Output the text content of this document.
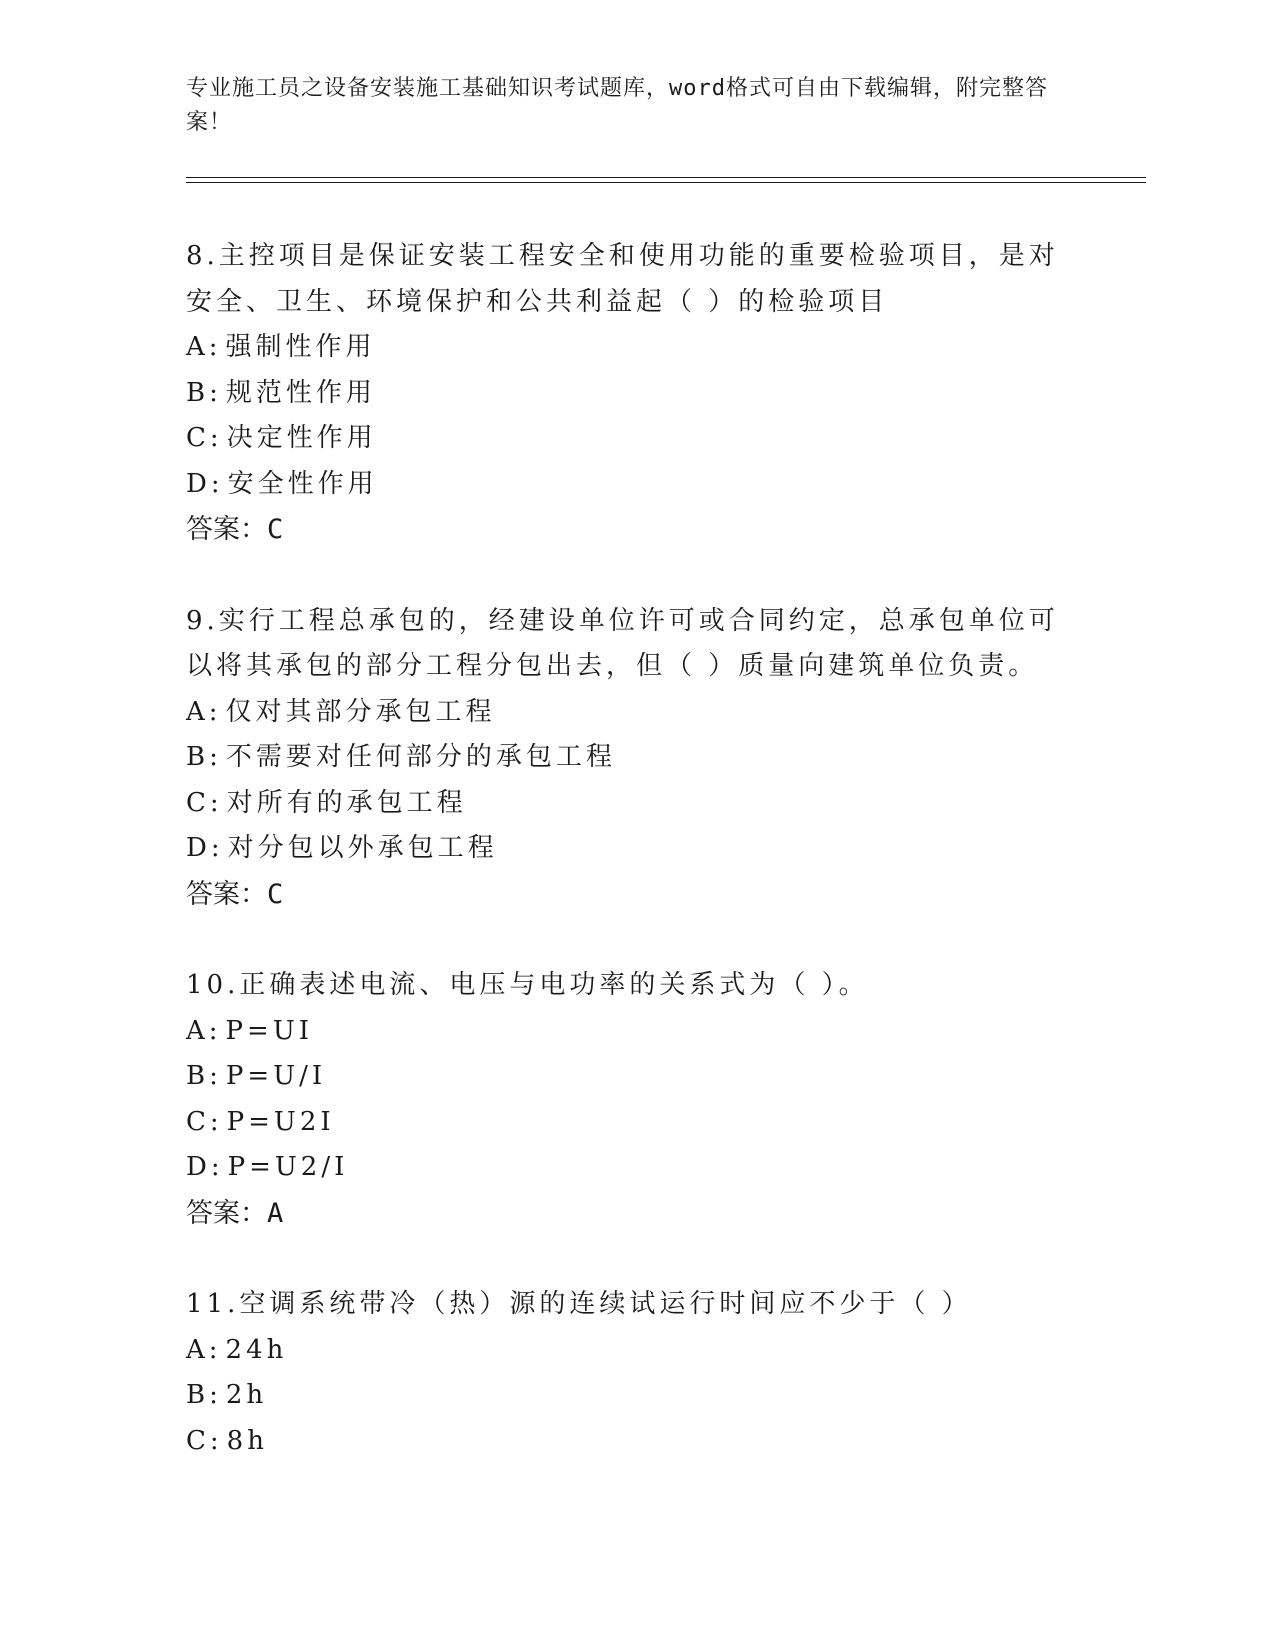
专业施工员之设备安装施工基础知识考试题库，word格式可自由下载编辑，附完整答案！
8.主控项目是保证安装工程安全和使用功能的重要检验项目，是对安全、卫生、环境保护和公共利益起（ ）的检验项目
A: 强制性作用
B: 规范性作用
C: 决定性作用
D: 安全性作用
答案：C
9.实行工程总承包的，经建设单位许可或合同约定，总承包单位可以将其承包的部分工程分包出去，但（ ）质量向建筑单位负责。
A: 仅对其部分承包工程
B: 不需要对任何部分的承包工程
C: 对所有的承包工程
D: 对分包以外承包工程
答案：C
10.正确表述电流、电压与电功率的关系式为（ ）。
A: P=UI
B: P=U/I
C: P=U2I
D: P=U2/I
答案：A
11.空调系统带冷（热）源的连续试运行时间应不少于（ ）
A: 24h
B: 2h
C: 8h
